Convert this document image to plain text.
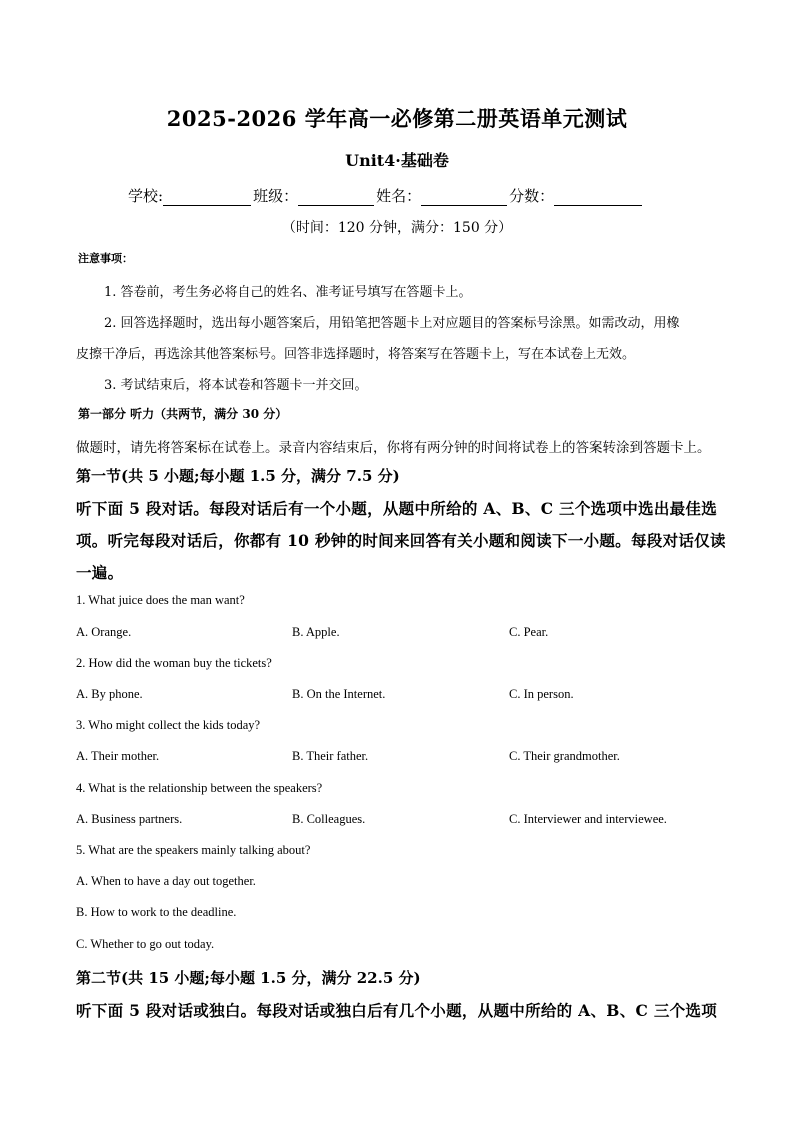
2025-2026 学年高一必修第二册英语单元测试
Unit4·基础卷
学校:	班级：	姓名：	分数：
（时间：120 分钟，满分：150 分）
注意事项：
1. 答卷前，考生务必将自己的姓名、准考证号填写在答题卡上。
2. 回答选择题时，选出每小题答案后，用铅笔把答题卡上对应题目的答案标号涂黑。如需改动，用橡
皮擦干净后，再选涂其他答案标号。回答非选择题时，将答案写在答题卡上，写在本试卷上无效。
3. 考试结束后，将本试卷和答题卡一并交回。
第一部分 听力（共两节，满分 30 分）
做题时，请先将答案标在试卷上。录音内容结束后，你将有两分钟的时间将试卷上的答案转涂到答题卡上。
第一节(共 5 小题;每小题 1.5 分，满分 7.5 分)
听下面 5 段对话。每段对话后有一个小题，从题中所给的 A、B、C 三个选项中选出最佳选
项。听完每段对话后，你都有 10 秒钟的时间来回答有关小题和阅读下一小题。每段对话仅读
一遍。
1. What juice does the man want?
A. Orange.	B. Apple.	C. Pear.
2. How did the woman buy the tickets?
A. By phone.	B. On the Internet.	C. In person.
3. Who might collect the kids today?
A. Their mother.	B. Their father.	C. Their grandmother.
4. What is the relationship between the speakers?
A. Business partners.	B. Colleagues.	C. Interviewer and interviewee.
5. What are the speakers mainly talking about?
A. When to have a day out together.
B. How to work to the deadline.
C. Whether to go out today.
第二节(共 15 小题;每小题 1.5 分，满分 22.5 分)
听下面 5 段对话或独白。每段对话或独白后有几个小题，从题中所给的 A、B、C 三个选项
